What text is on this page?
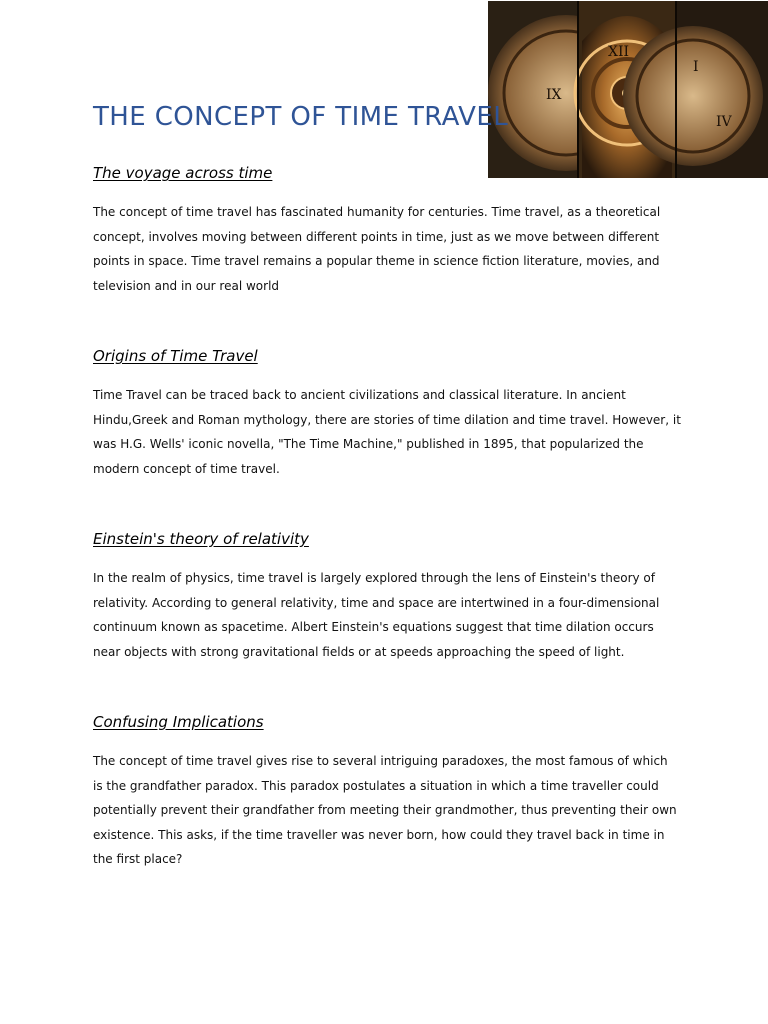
XII
IX
I
IV
THE CONCEPT OF TIME TRAVEL
The voyage across time

The concept of time travel has fascinated humanity for centuries. Time travel, as a theoretical concept, involves moving between different points in time, just as we move between different points in space. Time travel remains a popular theme in science fiction literature, movies, and television and in our real world

Origins of Time Travel

Time Travel can be traced back to ancient civilizations and classical literature. In ancient Hindu,Greek and Roman mythology, there are stories of time dilation and time travel. However, it was H.G. Wells' iconic novella, "The Time Machine," published in 1895, that popularized the modern concept of time travel.

Einstein's theory of relativity

In the realm of physics, time travel is largely explored through the lens of Einstein's theory of relativity. According to general relativity, time and space are intertwined in a four-dimensional continuum known as spacetime. Albert Einstein's equations suggest that time dilation occurs near objects with strong gravitational fields or at speeds approaching the speed of light.

Confusing Implications

The concept of time travel gives rise to several intriguing paradoxes, the most famous of which is the grandfather paradox. This paradox postulates a situation in which a time traveller could potentially prevent their grandfather from meeting their grandmother, thus preventing their own existence. This asks, if the time traveller was never born, how could they travel back in time in the first place?
